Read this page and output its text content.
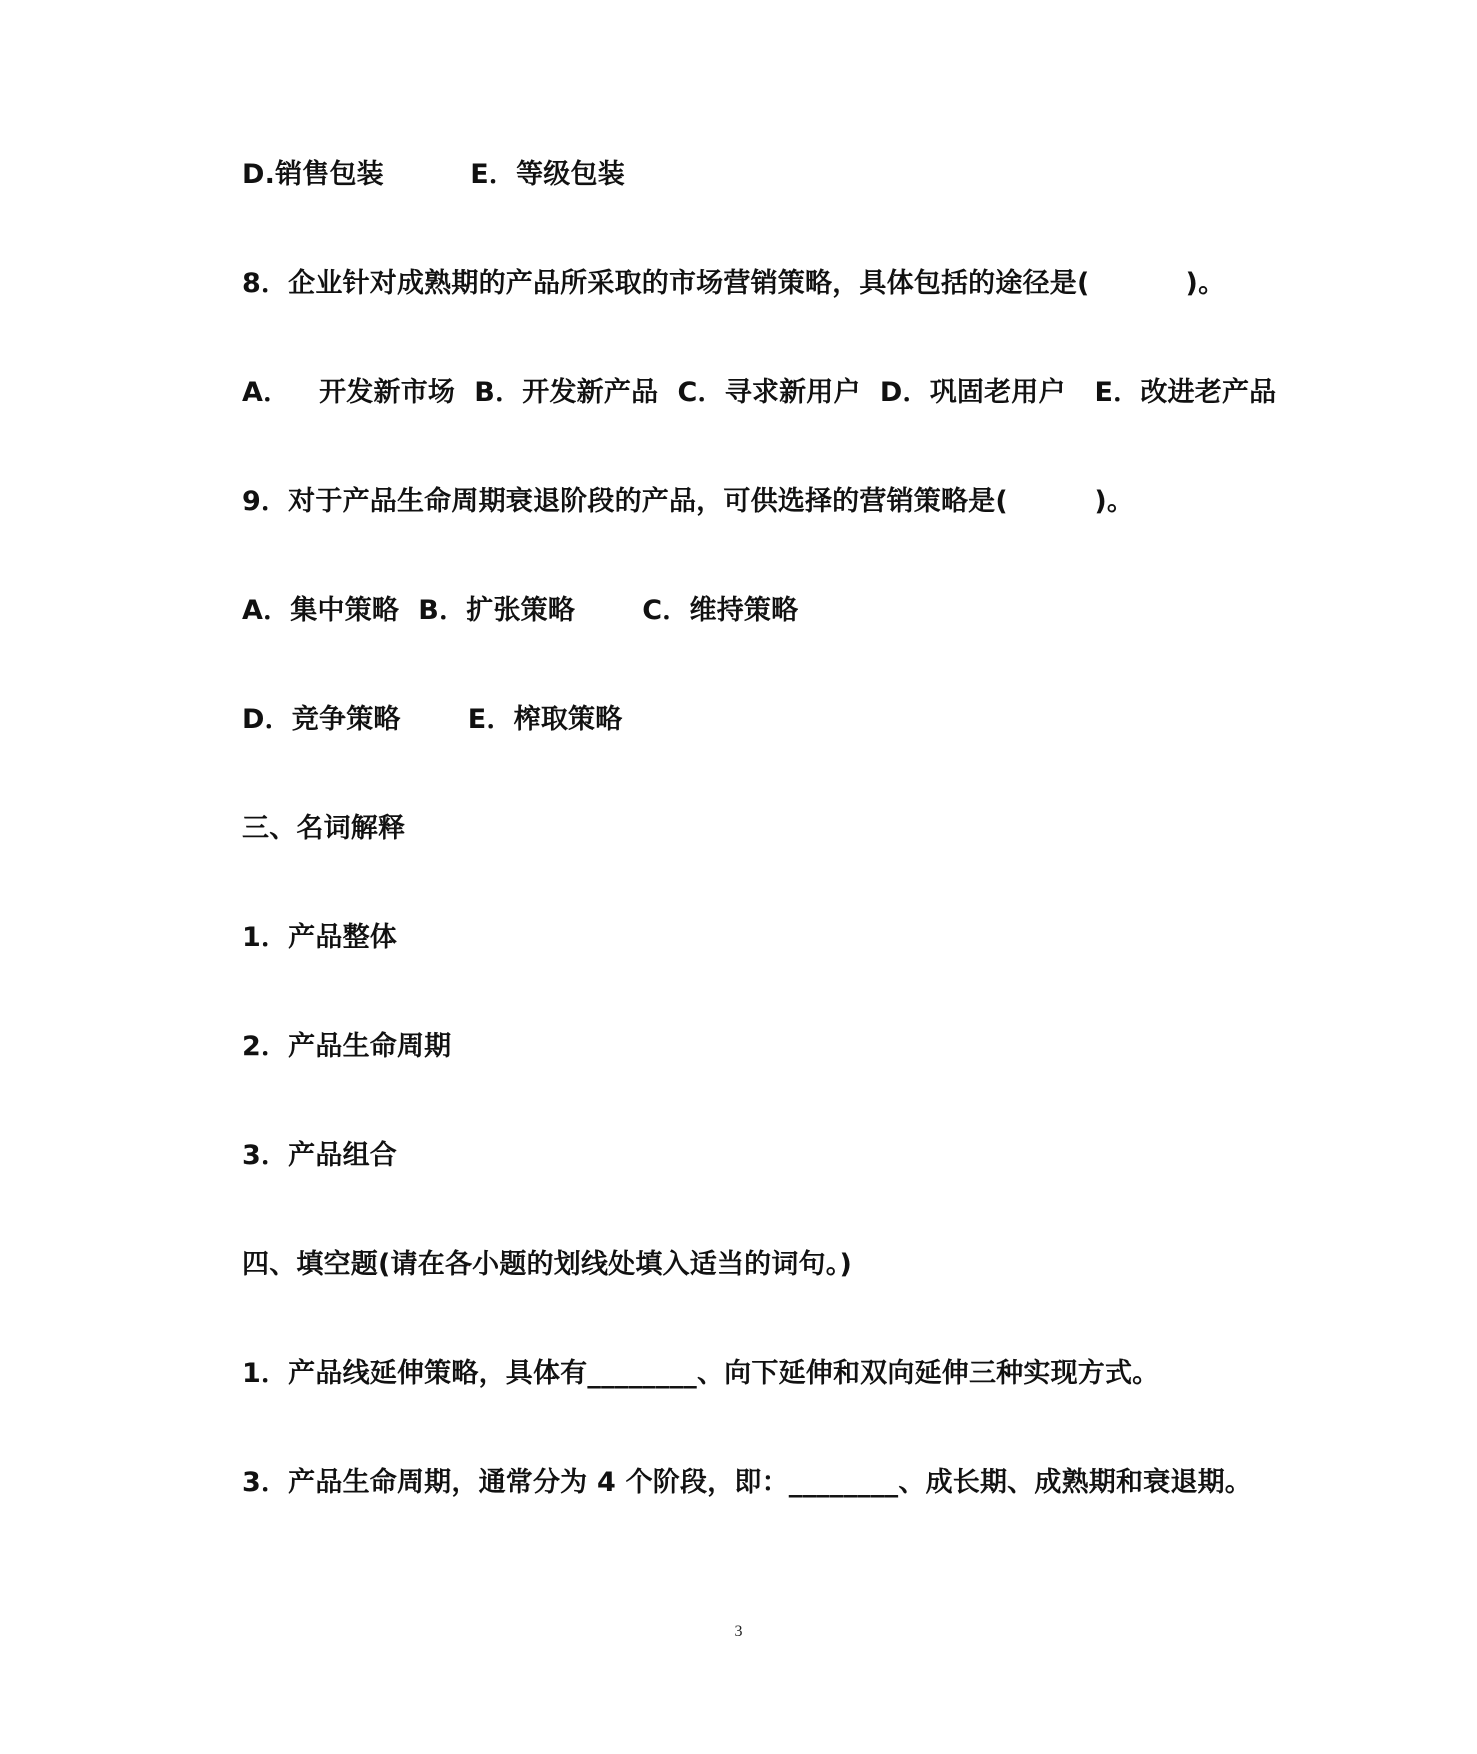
D.销售包装         E．等级包装
8．企业针对成熟期的产品所采取的市场营销策略，具体包括的途径是(          )。
A．   开发新市场  B．开发新产品  C．寻求新用户  D．巩固老用户   E．改进老产品
9．对于产品生命周期衰退阶段的产品，可供选择的营销策略是(         )。
A．集中策略  B．扩张策略       C．维持策略
D．竞争策略       E．榨取策略
三、名词解释
1．产品整体
2．产品生命周期
3．产品组合
四、填空题(请在各小题的划线处填入适当的词句。)
1．产品线延伸策略，具体有________、向下延伸和双向延伸三种实现方式。
3．产品生命周期，通常分为 4 个阶段，即：________、成长期、成熟期和衰退期。
3
